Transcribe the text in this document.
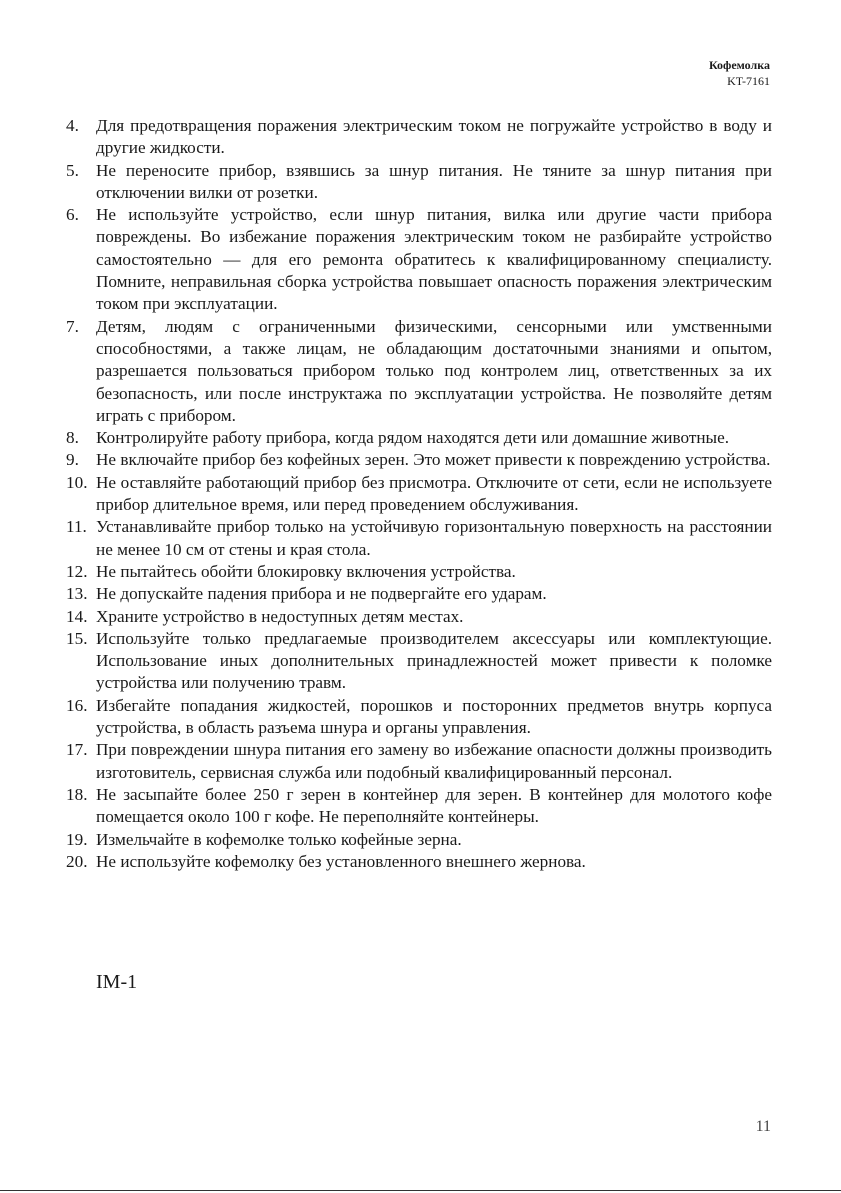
Кофемолка
KT-7161
4. Для предотвращения поражения электрическим током не погружайте устройство в воду и другие жидкости.
5. Не переносите прибор, взявшись за шнур питания. Не тяните за шнур питания при отключении вилки от розетки.
6. Не используйте устройство, если шнур питания, вилка или другие части прибора повреждены. Во избежание поражения электрическим током не разбирайте устройство самостоятельно — для его ремонта обратитесь к квалифицированному специалисту. Помните, неправильная сборка устройства повышает опасность поражения электрическим током при эксплуатации.
7. Детям, людям с ограниченными физическими, сенсорными или умственными способностями, а также лицам, не обладающим достаточными знаниями и опытом, разрешается пользоваться прибором только под контролем лиц, ответственных за их безопасность, или после инструктажа по эксплуатации устройства. Не позволяйте детям играть с прибором.
8. Контролируйте работу прибора, когда рядом находятся дети или домашние животные.
9. Не включайте прибор без кофейных зерен. Это может привести к повреждению устройства.
10. Не оставляйте работающий прибор без присмотра. Отключите от сети, если не используете прибор длительное время, или перед проведением обслуживания.
11. Устанавливайте прибор только на устойчивую горизонтальную поверхность на расстоянии не менее 10 см от стены и края стола.
12. Не пытайтесь обойти блокировку включения устройства.
13. Не допускайте падения прибора и не подвергайте его ударам.
14. Храните устройство в недоступных детям местах.
15. Используйте только предлагаемые производителем аксессуары или комплектующие. Использование иных дополнительных принадлежностей может привести к поломке устройства или получению травм.
16. Избегайте попадания жидкостей, порошков и посторонних предметов внутрь корпуса устройства, в область разъема шнура и органы управления.
17. При повреждении шнура питания его замену во избежание опасности должны производить изготовитель, сервисная служба или подобный квалифицированный персонал.
18. Не засыпайте более 250 г зерен в контейнер для зерен. В контейнер для молотого кофе помещается около 100 г кофе. Не переполняйте контейнеры.
19. Измельчайте в кофемолке только кофейные зерна.
20. Не используйте кофемолку без установленного внешнего жернова.
IM-1
11
